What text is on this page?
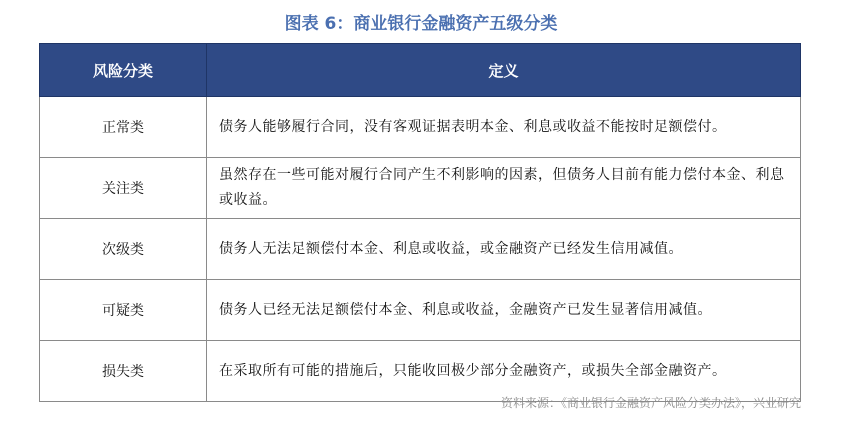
图表 6：商业银行金融资产五级分类
风险分类	定义
正常类	债务人能够履行合同，没有客观证据表明本金、利息或收益不能按时足额偿付。
关注类	虽然存在一些可能对履行合同产生不利影响的因素，但债务人目前有能力偿付本金、利息或收益。
次级类	债务人无法足额偿付本金、利息或收益，或金融资产已经发生信用减值。
可疑类	债务人已经无法足额偿付本金、利息或收益，金融资产已发生显著信用减值。
损失类	在采取所有可能的措施后，只能收回极少部分金融资产，或损失全部金融资产。
资料来源：《商业银行金融资产风险分类办法》，兴业研究
